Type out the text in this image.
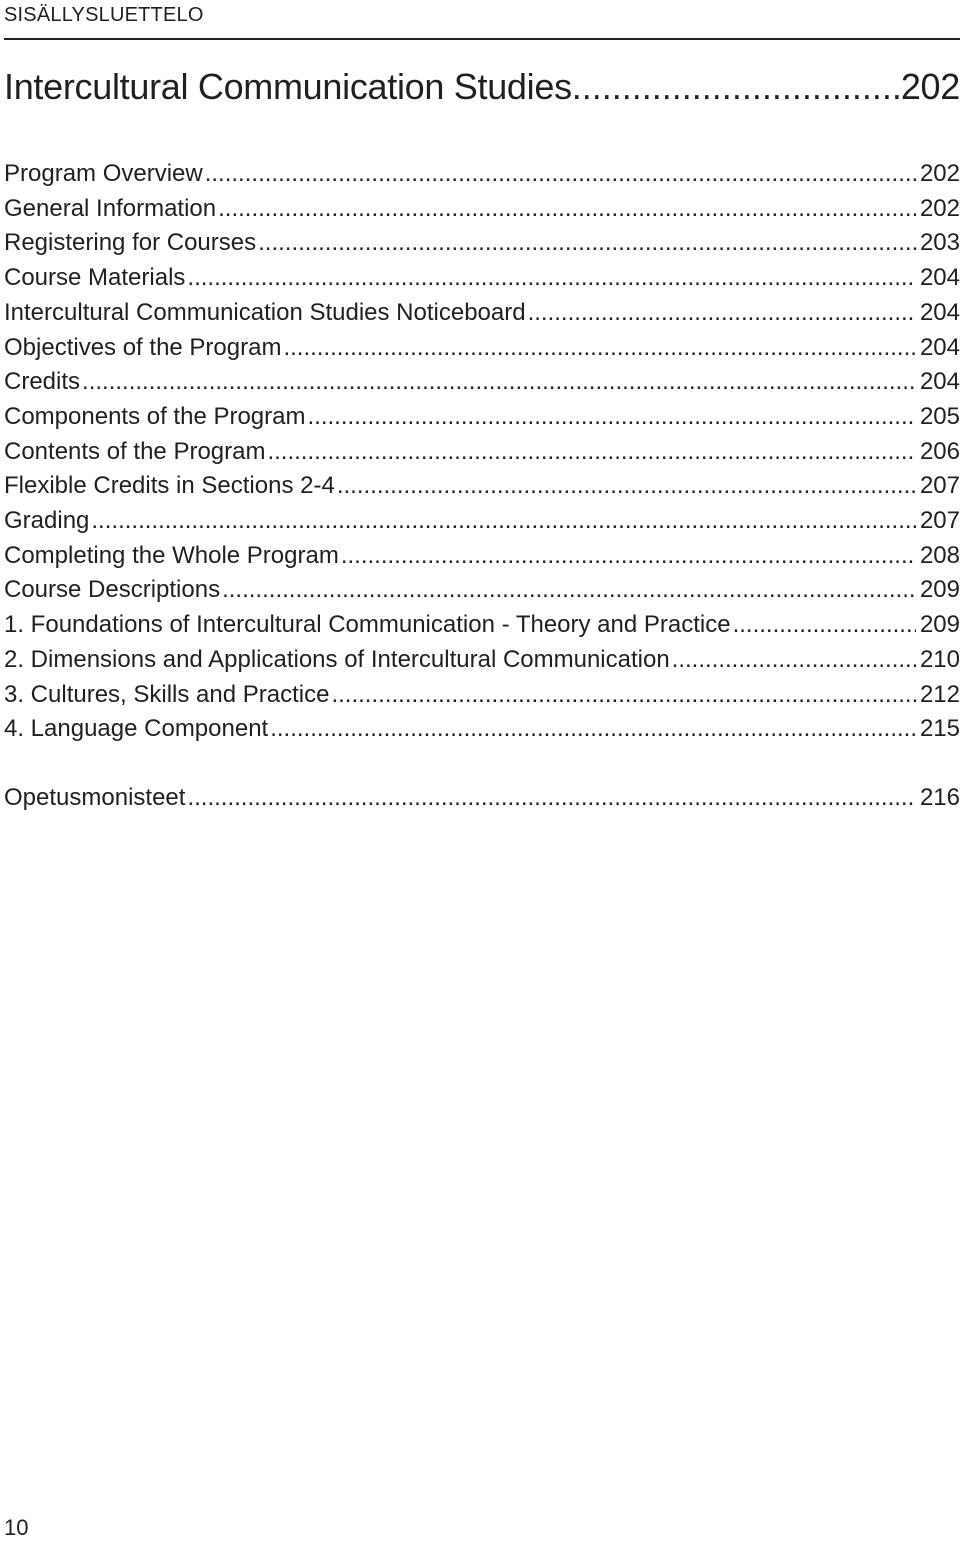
SISÄLLYSLUETTELO
Intercultural Communication Studies .....	202
Program Overview .....	202
General Information .....	202
Registering for Courses .....	203
Course Materials .....	204
Intercultural Communication Studies Noticeboard .....	204
Objectives of the Program .....	204
Credits .....	204
Components of the Program .....	205
Contents of the Program .....	206
Flexible Credits in Sections 2-4 .....	207
Grading .....	207
Completing the Whole Program .....	208
Course Descriptions .....	209
1. Foundations of Intercultural Communication - Theory and Practice .....	209
2. Dimensions and Applications of Intercultural Communication .....	210
3. Cultures, Skills and Practice .....	212
4. Language Component .....	215
Opetusmonisteet .....	216
10
